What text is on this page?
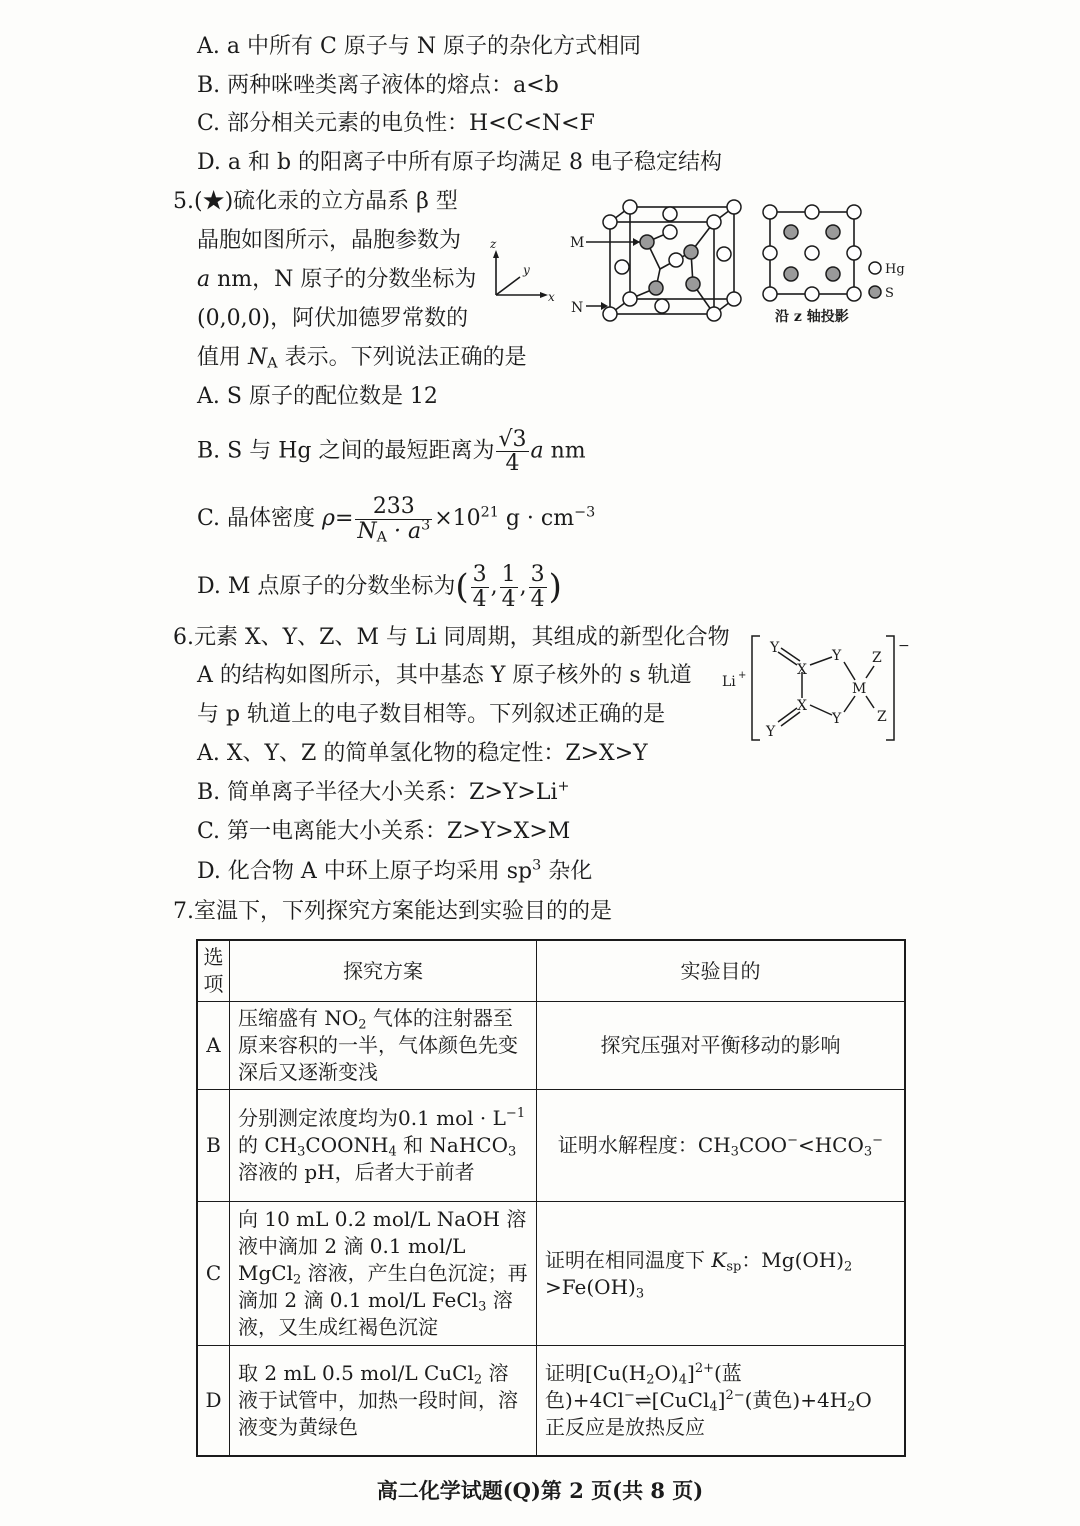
A. a 中所有 C 原子与 N 原子的杂化方式相同
B. 两种咪唑类离子液体的熔点：a<b
C. 部分相关元素的电负性：H<C<N<F
D. a 和 b 的阳离子中所有原子均满足 8 电子稳定结构
5.(★)硫化汞的立方晶系 β 型
晶胞如图所示，晶胞参数为
a nm，N 原子的分数坐标为
(0,0,0)，阿伏加德罗常数的
值用 $N_A$ 表示。下列说法正确的是
z
y
x
M
N
Hg
S
沿 z 轴投影
A. S 原子的配位数是 12
B. S 与 Hg 之间的最短距离为 $\frac{√3}{4}$ a nm
C. 晶体密度 $\rho= \frac{233}{N_A \cdot a^3} \times 10^{21}$ $g \cdot cm^{-3}$
D. M 点原子的分数坐标为( $\frac{3}{4}$ , $\frac{1}{4}$ , $\frac{3}{4}$ )
6.元素 X、Y、Z、M 与 Li 同周期，其组成的新型化合物
A 的结构如图所示，其中基态 Y 原子核外的 s 轨道
与 p 轨道上的电子数目相等。下列叙述正确的是
Li +
−
Y
X
Y Z
M
X
Y	Z
Y
A. X、Y、Z 的简单氢化物的稳定性：Z>X>Y
B. 简单离子半径大小关系：Z>Y>Li+
C. 第一电离能大小关系：Z>Y>X>M
D. 化合物 A 中环上原子均采用 $sp^3$ 杂化
7.室温下，下列探究方案能达到实验目的的是
选项	探究方案	实验目的
A	压缩盛有 $NO_2$ 气体的注射器至原来容积的一半，气体颜色先变深后又逐渐变浅	探究压强对平衡移动的影响
B	分别测定浓度均为0.1 mol · $L^{-1}$ 的 $CH_3COONH_4$ 和 NaHCO$_3$ 溶液的 pH，后者大于前者	证明水解程度：$CH_3COO^-<HCO_3^-$
C	向 10 mL 0.2 mol/L NaOH 溶液中滴加 2 滴 0.1 mol/L MgCl$_2$ 溶液，产生白色沉淀；再滴加 2 滴 0.1 mol/L FeCl$_3$ 溶液，又生成红褐色沉淀	证明在相同温度下 $K_{sp}$：$Mg(OH)_2 >Fe(OH)_3$
D	取 2 mL 0.5 mol/L CuCl$_2$ 溶液于试管中，加热一段时间，溶液变为黄绿色	证明$[Cu(H_2O)_4]^{2+}$(蓝色)+4Cl−⇌[CuCl$_4$]$^{2-}$(黄色)$+4H_2O$ 正反应是放热反应
高二化学试题(Q)第 2 页(共 8 页)
